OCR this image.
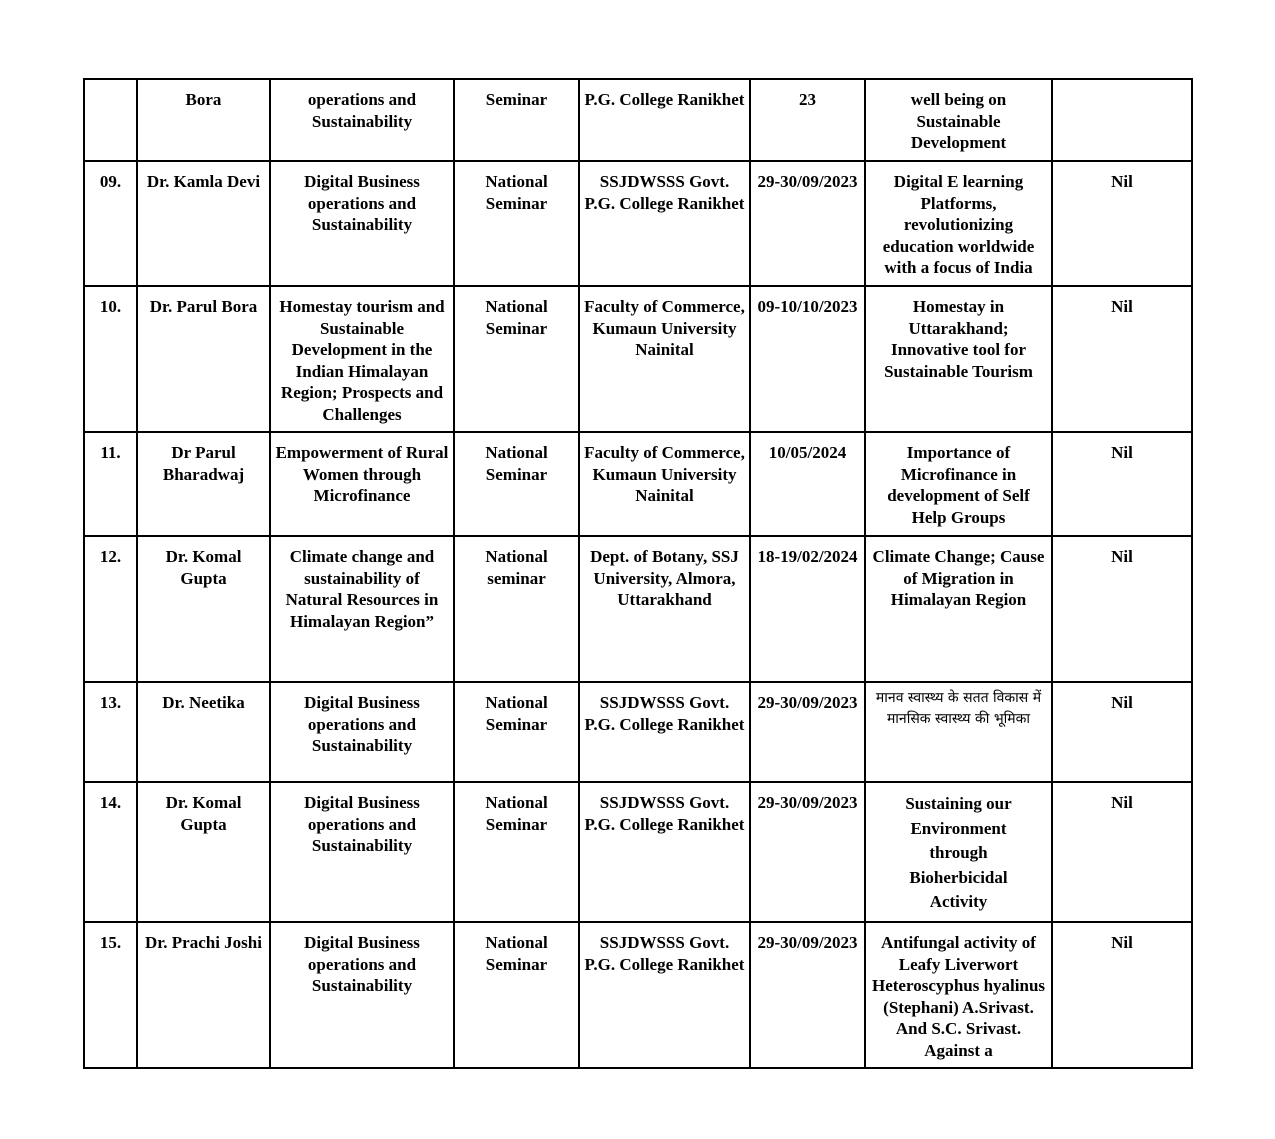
	Bora	operations and Sustainability	Seminar	P.G. College Ranikhet	23	well being on Sustainable Development	

09.	Dr. Kamla Devi	Digital Business operations and Sustainability	National Seminar	SSJDWSSS Govt. P.G. College Ranikhet	29-30/09/2023	Digital E learning Platforms, revolutionizing education worldwide with a focus of India	Nil

10.	Dr. Parul Bora	Homestay tourism and Sustainable Development in the Indian Himalayan Region; Prospects and Challenges	National Seminar	Faculty of Commerce, Kumaun University Nainital	09-10/10/2023	Homestay in Uttarakhand; Innovative tool for Sustainable Tourism	Nil

11.	Dr Parul Bharadwaj	Empowerment of Rural Women through Microfinance	National Seminar	Faculty of Commerce, Kumaun University Nainital	10/05/2024	Importance of Microfinance in development of Self Help Groups	Nil

12.	Dr. Komal Gupta	Climate change and sustainability of Natural Resources in Himalayan Region”	National seminar	Dept. of Botany, SSJ University, Almora, Uttarakhand	18-19/02/2024	Climate Change; Cause of Migration in Himalayan Region	Nil

13.	Dr. Neetika	Digital Business operations and Sustainability	National Seminar	SSJDWSSS Govt. P.G. College Ranikhet	29-30/09/2023	मानव स्वास्थ्य के सतत विकास में मानसिक स्वास्थ्य की भूमिका	Nil

14.	Dr. Komal Gupta	Digital Business operations and Sustainability	National Seminar	SSJDWSSS Govt. P.G. College Ranikhet	29-30/09/2023	Sustaining our Environment through Bioherbicidal Activity	Nil

15.	Dr. Prachi Joshi	Digital Business operations and Sustainability	National Seminar	SSJDWSSS Govt. P.G. College Ranikhet	29-30/09/2023	Antifungal activity of Leafy Liverwort Heteroscyphus hyalinus (Stephani) A.Srivast. And S.C. Srivast. Against a	Nil
